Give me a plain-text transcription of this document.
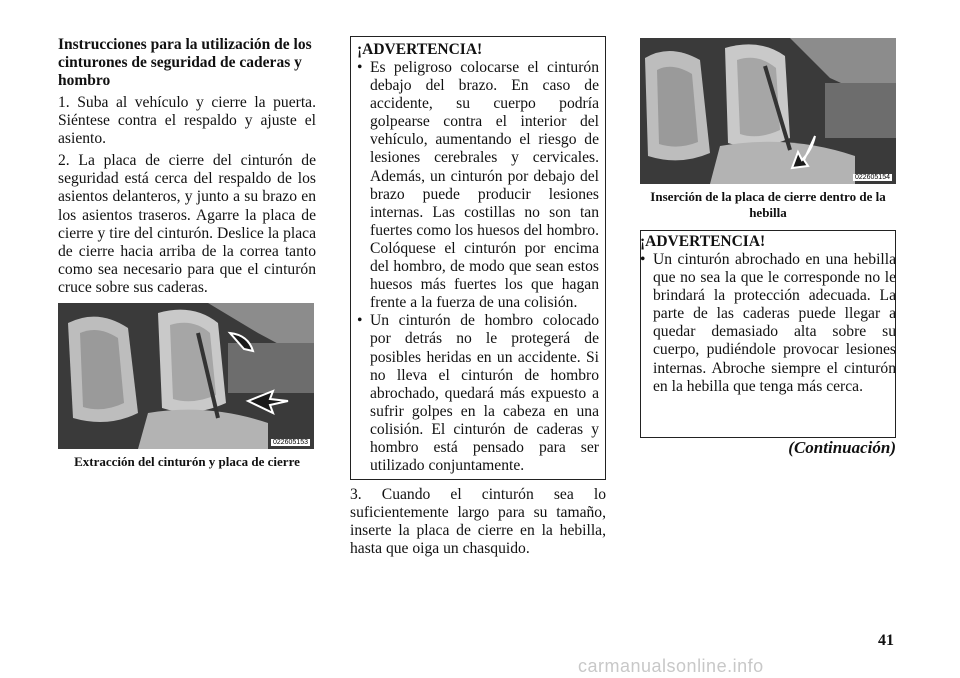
Instrucciones para la utilización de los cinturones de seguridad de caderas y hombro

1. Suba al vehículo y cierre la puerta. Siéntese contra el respaldo y ajuste el asiento.

2. La placa de cierre del cinturón de seguridad está cerca del respaldo de los asientos delanteros, y junto a su brazo en los asientos traseros. Agarre la placa de cierre y tire del cinturón. Deslice la placa de cierre hacia arriba de la correa tanto como sea necesario para que el cinturón cruce sobre sus caderas.

022605153

Extracción del cinturón y placa de cierre

¡ADVERTENCIA!

• Es peligroso colocarse el cinturón debajo del brazo. En caso de accidente, su cuerpo podría golpearse contra el interior del vehículo, aumentando el riesgo de lesiones cerebrales y cervicales. Además, un cinturón por debajo del brazo puede producir lesiones internas. Las costillas no son tan fuertes como los huesos del hombro. Colóquese el cinturón por encima del hombro, de modo que sean estos huesos más fuertes los que hagan frente a la fuerza de una colisión.
• Un cinturón de hombro colocado por detrás no le protegerá de posibles heridas en un accidente. Si no lleva el cinturón de hombro abrochado, quedará más expuesto a sufrir golpes en la cabeza en una colisión. El cinturón de caderas y hombro está pensado para ser utilizado conjuntamente.

3. Cuando el cinturón sea lo suficientemente largo para su tamaño, inserte la placa de cierre en la hebilla, hasta que oiga un chasquido.

022605154

Inserción de la placa de cierre dentro de la hebilla

¡ADVERTENCIA!

• Un cinturón abrochado en una hebilla que no sea la que le corresponde no le brindará la protección adecuada. La parte de las caderas puede llegar a quedar demasiado alta sobre su cuerpo, pudiéndole provocar lesiones internas. Abroche siempre el cinturón en la hebilla que tenga más cerca.
(Continuación)
41
carmanualsonline.info
